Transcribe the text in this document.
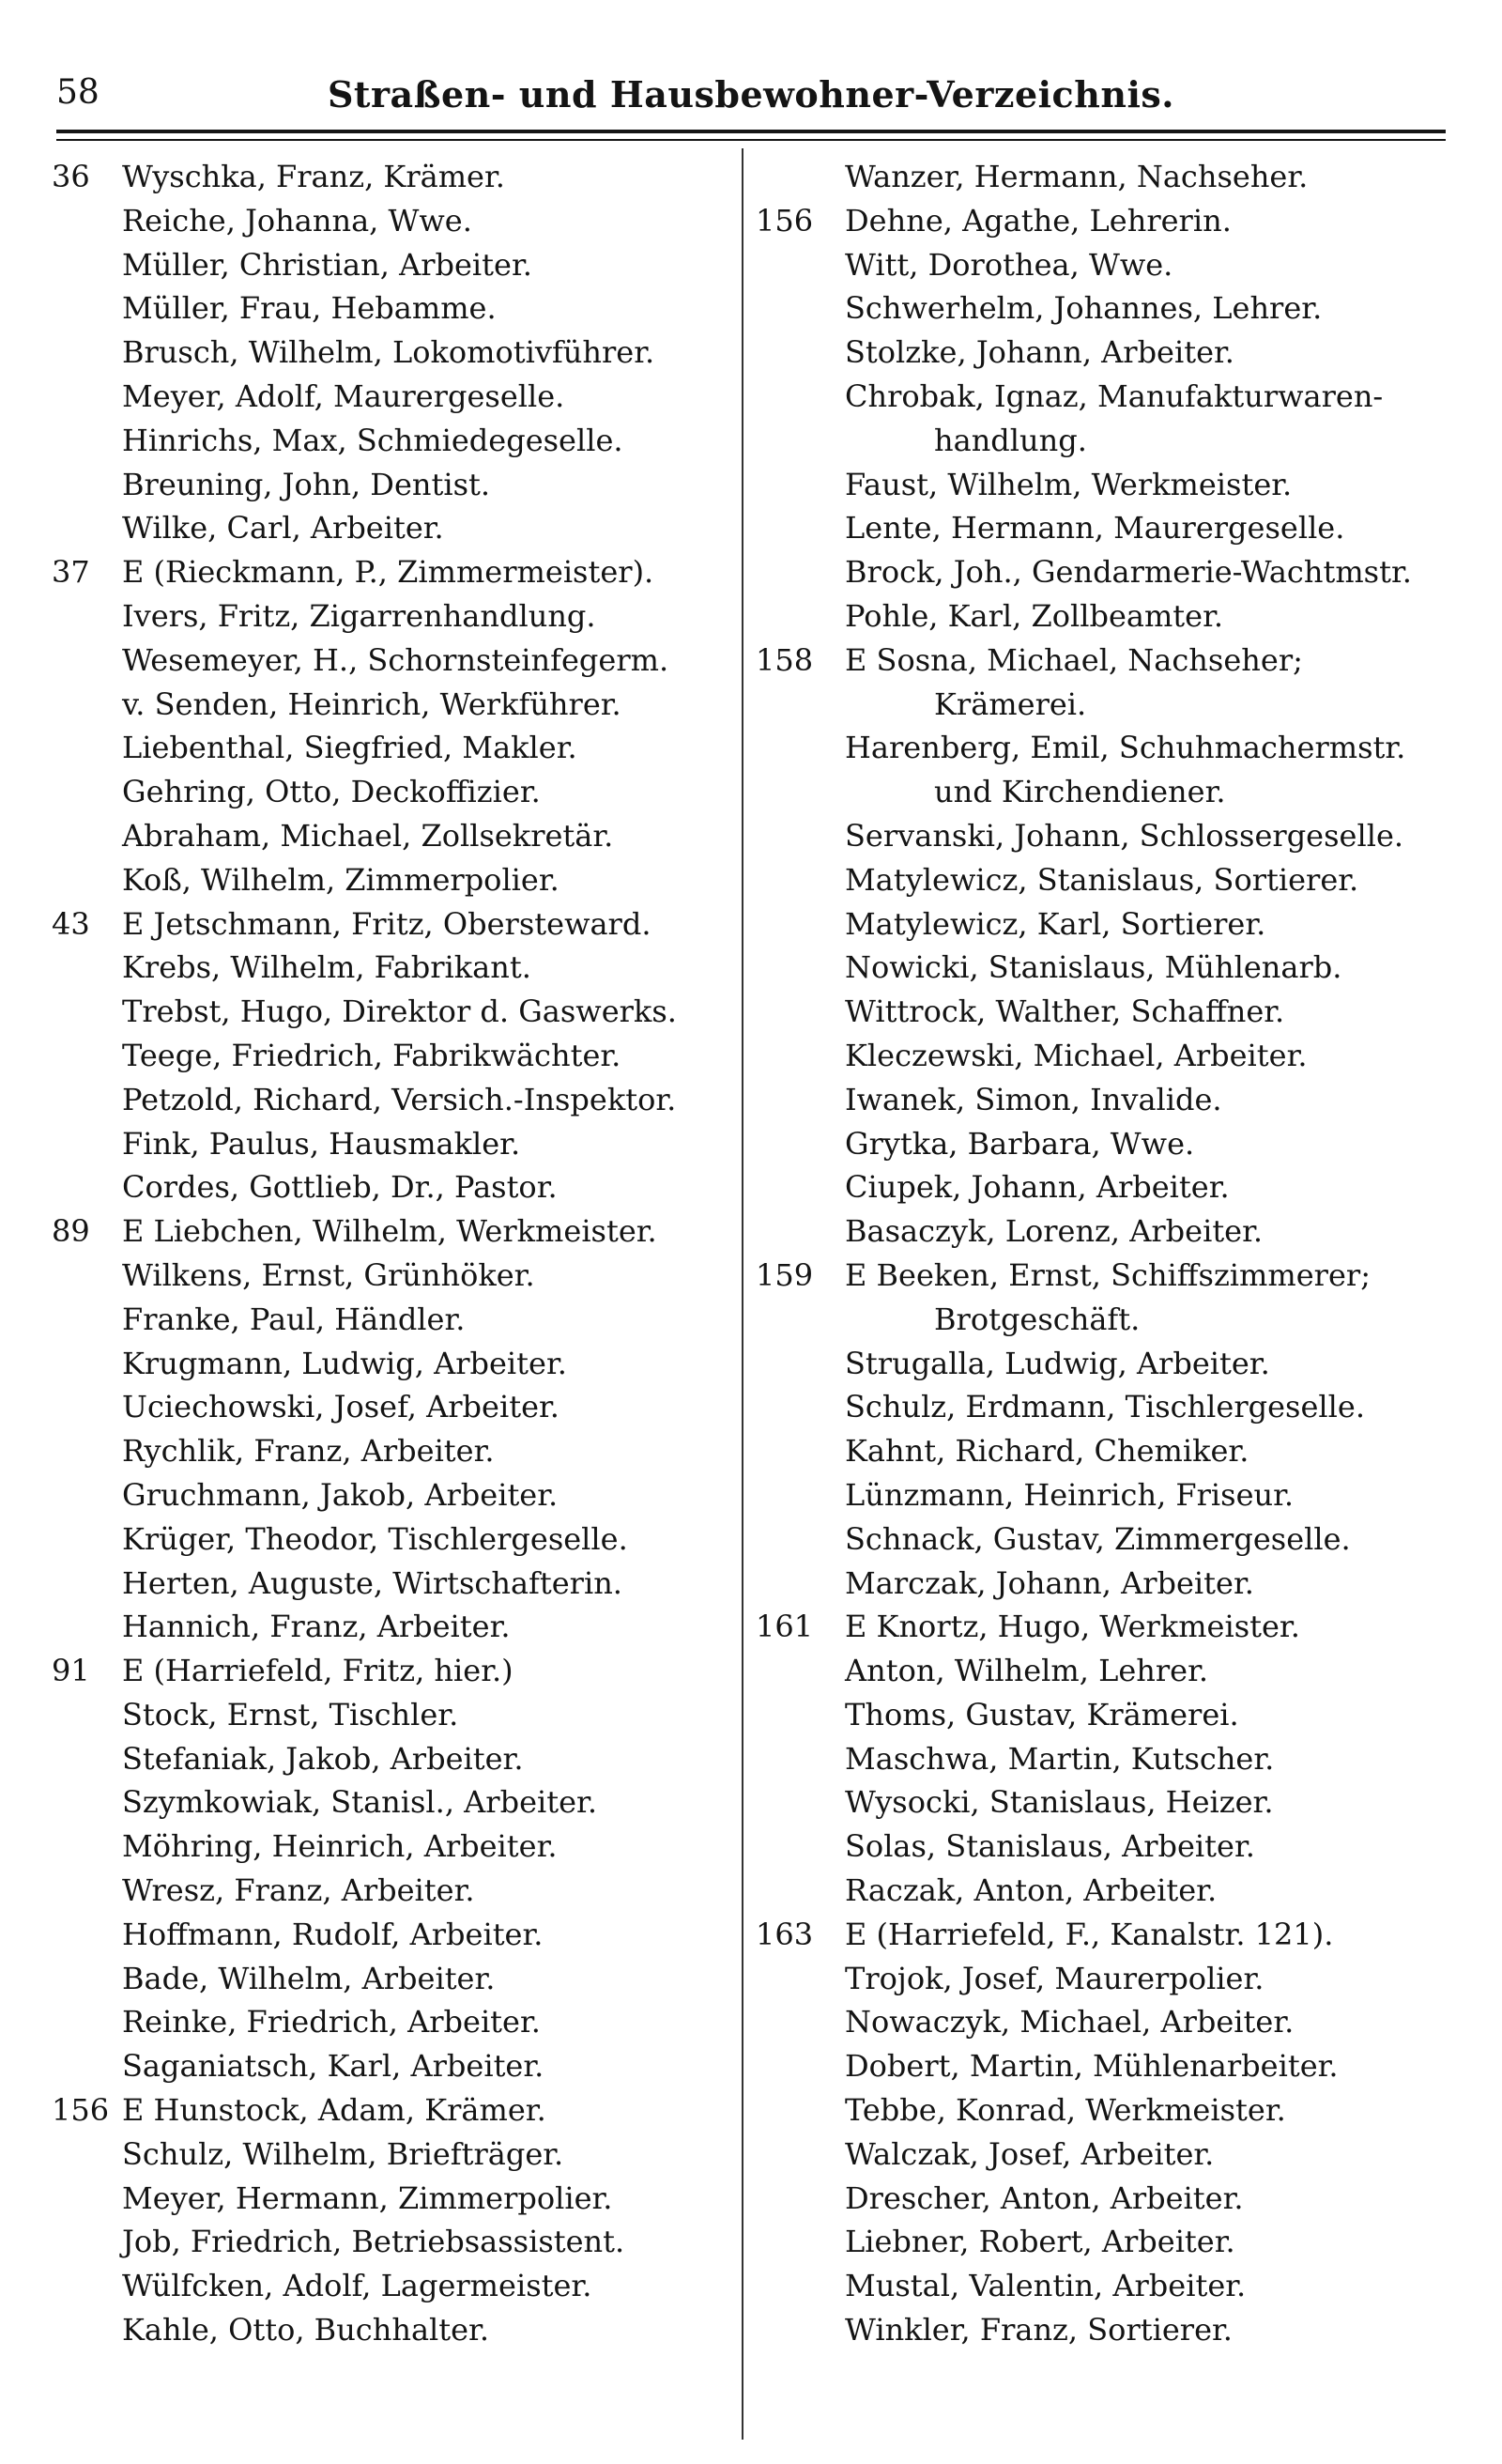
58	Straßen- und Hausbewohner-Verzeichnis.
36	Wyschka, Franz, Krämer.
Reiche, Johanna, Wwe.
Müller, Christian, Arbeiter.
Müller, Frau, Hebamme.
Brusch, Wilhelm, Lokomotivführer.
Meyer, Adolf, Maurergeselle.
Hinrichs, Max, Schmiedegeselle.
Breuning, John, Dentist.
Wilke, Carl, Arbeiter.
37	E (Rieckmann, P., Zimmermeister).
Ivers, Fritz, Zigarrenhandlung.
Wesemeyer, H., Schornsteinfegerm.
v. Senden, Heinrich, Werkführer.
Liebenthal, Siegfried, Makler.
Gehring, Otto, Deckoffizier.
Abraham, Michael, Zollsekretär.
Koß, Wilhelm, Zimmerpolier.
43	E Jetschmann, Fritz, Obersteward.
Krebs, Wilhelm, Fabrikant.
Trebst, Hugo, Direktor d. Gaswerks.
Teege, Friedrich, Fabrikwächter.
Petzold, Richard, Versich.-Inspektor.
Fink, Paulus, Hausmakler.
Cordes, Gottlieb, Dr., Pastor.
89	E Liebchen, Wilhelm, Werkmeister.
Wilkens, Ernst, Grünhöker.
Franke, Paul, Händler.
Krugmann, Ludwig, Arbeiter.
Uciechowski, Josef, Arbeiter.
Rychlik, Franz, Arbeiter.
Gruchmann, Jakob, Arbeiter.
Krüger, Theodor, Tischlergeselle.
Herten, Auguste, Wirtschafterin.
Hannich, Franz, Arbeiter.
91	E (Harriefeld, Fritz, hier.)
Stock, Ernst, Tischler.
Stefaniak, Jakob, Arbeiter.
Szymkowiak, Stanisl., Arbeiter.
Möhring, Heinrich, Arbeiter.
Wresz, Franz, Arbeiter.
Hoffmann, Rudolf, Arbeiter.
Bade, Wilhelm, Arbeiter.
Reinke, Friedrich, Arbeiter.
Saganiatsch, Karl, Arbeiter.
156 E Hunstock, Adam, Krämer.
Schulz, Wilhelm, Briefträger.
Meyer, Hermann, Zimmerpolier.
Job, Friedrich, Betriebsassistent.
Wülfcken, Adolf, Lagermeister.
Kahle, Otto, Buchhalter.
Wanzer, Hermann, Nachseher.
156	Dehne, Agathe, Lehrerin.
Witt, Dorothea, Wwe.
Schwerhelm, Johannes, Lehrer.
Stolzke, Johann, Arbeiter.
Chrobak, Ignaz, Manufakturwaren-
handlung.
Faust, Wilhelm, Werkmeister.
Lente, Hermann, Maurergeselle.
Brock, Joh., Gendarmerie-Wachtmstr.
Pohle, Karl, Zollbeamter.
158	E Sosna, Michael, Nachseher;
Krämerei.
Harenberg, Emil, Schuhmachermstr.
und Kirchendiener.
Servanski, Johann, Schlossergeselle.
Matylewicz, Stanislaus, Sortierer.
Matylewicz, Karl, Sortierer.
Nowicki, Stanislaus, Mühlenarb.
Wittrock, Walther, Schaffner.
Kleczewski, Michael, Arbeiter.
Iwanek, Simon, Invalide.
Grytka, Barbara, Wwe.
Ciupek, Johann, Arbeiter.
Basaczyk, Lorenz, Arbeiter.
159	E Beeken, Ernst, Schiffszimmerer;
Brotgeschäft.
Strugalla, Ludwig, Arbeiter.
Schulz, Erdmann, Tischlergeselle.
Kahnt, Richard, Chemiker.
Lünzmann, Heinrich, Friseur.
Schnack, Gustav, Zimmergeselle.
Marczak, Johann, Arbeiter.
161	E Knortz, Hugo, Werkmeister.
Anton, Wilhelm, Lehrer.
Thoms, Gustav, Krämerei.
Maschwa, Martin, Kutscher.
Wysocki, Stanislaus, Heizer.
Solas, Stanislaus, Arbeiter.
Raczak, Anton, Arbeiter.
163	E (Harriefeld, F., Kanalstr. 121).
Trojok, Josef, Maurerpolier.
Nowaczyk, Michael, Arbeiter.
Dobert, Martin, Mühlenarbeiter.
Tebbe, Konrad, Werkmeister.
Walczak, Josef, Arbeiter.
Drescher, Anton, Arbeiter.
Liebner, Robert, Arbeiter.
Mustal, Valentin, Arbeiter.
Winkler, Franz, Sortierer.
